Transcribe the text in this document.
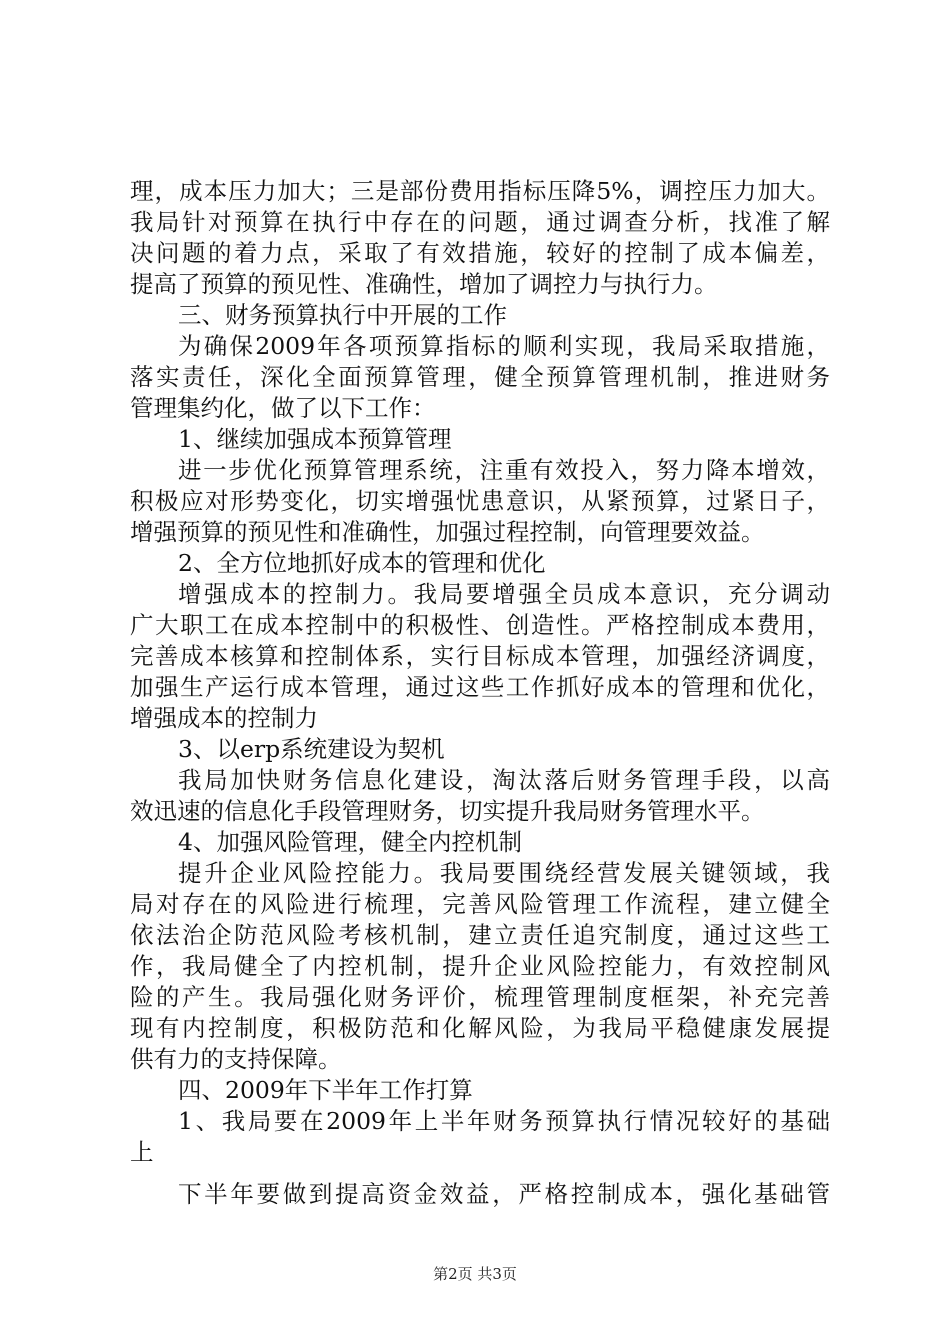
理，成本压力加大；三是部份费用指标压降5%，调控压力加大。
我局针对预算在执行中存在的问题，通过调查分析，找准了解
决问题的着力点，采取了有效措施，较好的控制了成本偏差，
提高了预算的预见性、准确性，增加了调控力与执行力。
三、财务预算执行中开展的工作
为确保2009年各项预算指标的顺利实现，我局采取措施，
落实责任，深化全面预算管理，健全预算管理机制，推进财务
管理集约化，做了以下工作：
1、继续加强成本预算管理
进一步优化预算管理系统，注重有效投入，努力降本增效，
积极应对形势变化，切实增强忧患意识，从紧预算，过紧日子，
增强预算的预见性和准确性，加强过程控制，向管理要效益。
2、全方位地抓好成本的管理和优化
增强成本的控制力。我局要增强全员成本意识，充分调动
广大职工在成本控制中的积极性、创造性。严格控制成本费用，
完善成本核算和控制体系，实行目标成本管理，加强经济调度，
加强生产运行成本管理，通过这些工作抓好成本的管理和优化，
增强成本的控制力
3、以erp系统建设为契机
我局加快财务信息化建设，淘汰落后财务管理手段，以高
效迅速的信息化手段管理财务，切实提升我局财务管理水平。
4、加强风险管理，健全内控机制
提升企业风险控能力。我局要围绕经营发展关键领域，我
局对存在的风险进行梳理，完善风险管理工作流程，建立健全
依法治企防范风险考核机制，建立责任追究制度，通过这些工
作，我局健全了内控机制，提升企业风险控能力，有效控制风
险的产生。我局强化财务评价，梳理管理制度框架，补充完善
现有内控制度，积极防范和化解风险，为我局平稳健康发展提
供有力的支持保障。
四、2009年下半年工作打算
1、我局要在2009年上半年财务预算执行情况较好的基础
上
下半年要做到提高资金效益，严格控制成本，强化基础管
第2页 共3页
